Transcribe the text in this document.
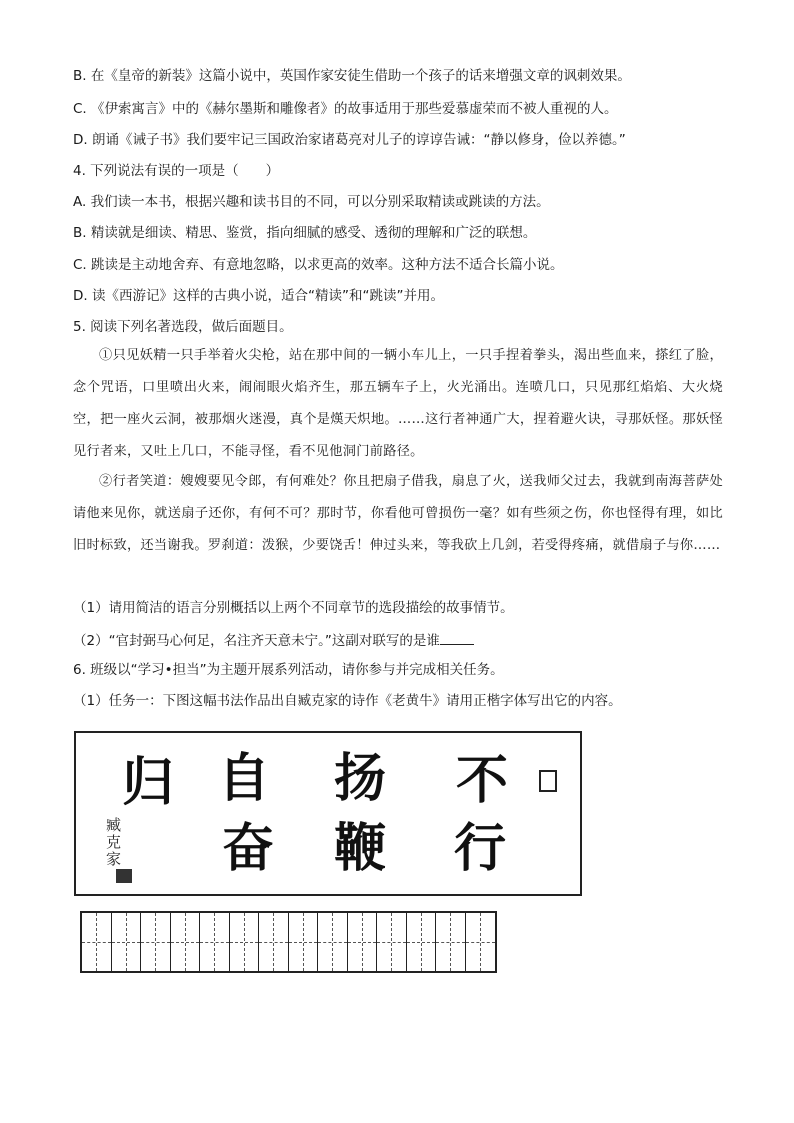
B. 在《皇帝的新装》这篇小说中，英国作家安徒生借助一个孩子的话来增强文章的讽刺效果。
C. 《伊索寓言》中的《赫尔墨斯和雕像者》的故事适用于那些爱慕虚荣而不被人重视的人。
D. 朗诵《诫子书》我们要牢记三国政治家诸葛亮对儿子的谆谆告诫：“静以修身，俭以养德。”
4. 下列说法有误的一项是（　　）
A. 我们读一本书，根据兴趣和读书目的不同，可以分别采取精读或跳读的方法。
B. 精读就是细读、精思、鉴赏，指向细腻的感受、透彻的理解和广泛的联想。
C. 跳读是主动地舍弃、有意地忽略，以求更高的效率。这种方法不适合长篇小说。
D. 读《西游记》这样的古典小说，适合“精读”和“跳读”并用。
5. 阅读下列名著选段，做后面题目。
①只见妖精一只手举着火尖枪，站在那中间的一辆小车儿上，一只手捏着拳头，渴出些血来，搽红了脸，念个咒语，口里喷出火来，闹闹眼火焰齐生，那五辆车子上，火光涌出。连喷几口，只见那红焰焰、大火烧空，把一座火云洞，被那烟火迷漫，真个是熯天炽地。……这行者神通广大，捏着避火诀，寻那妖怪。那妖怪见行者来，又吐上几口，不能寻怪，看不见他洞门前路径。
②行者笑道：嫂嫂要见令郎，有何难处？你且把扇子借我，扇息了火，送我师父过去，我就到南海菩萨处请他来见你，就送扇子还你，有何不可？那时节，你看他可曾损伤一毫？如有些须之伤，你也怪得有理，如比旧时标致，还当谢我。罗刹道：泼猴，少要饶舌！伸过头来，等我砍上几剑，若受得疼痛，就借扇子与你……
（1）请用简洁的语言分别概括以上两个不同章节的选段描绘的故事情节。
（2）“官封弼马心何足，名注齐天意未宁。”这副对联写的是谁
6. 班级以“学习•担当”为主题开展系列活动，请你参与并完成相关任务。
（1）任务一：下图这幅书法作品出自臧克家的诗作《老黄牛》请用正楷字体写出它的内容。
不
扬
自
归
行
鞭
奋
臧克家
